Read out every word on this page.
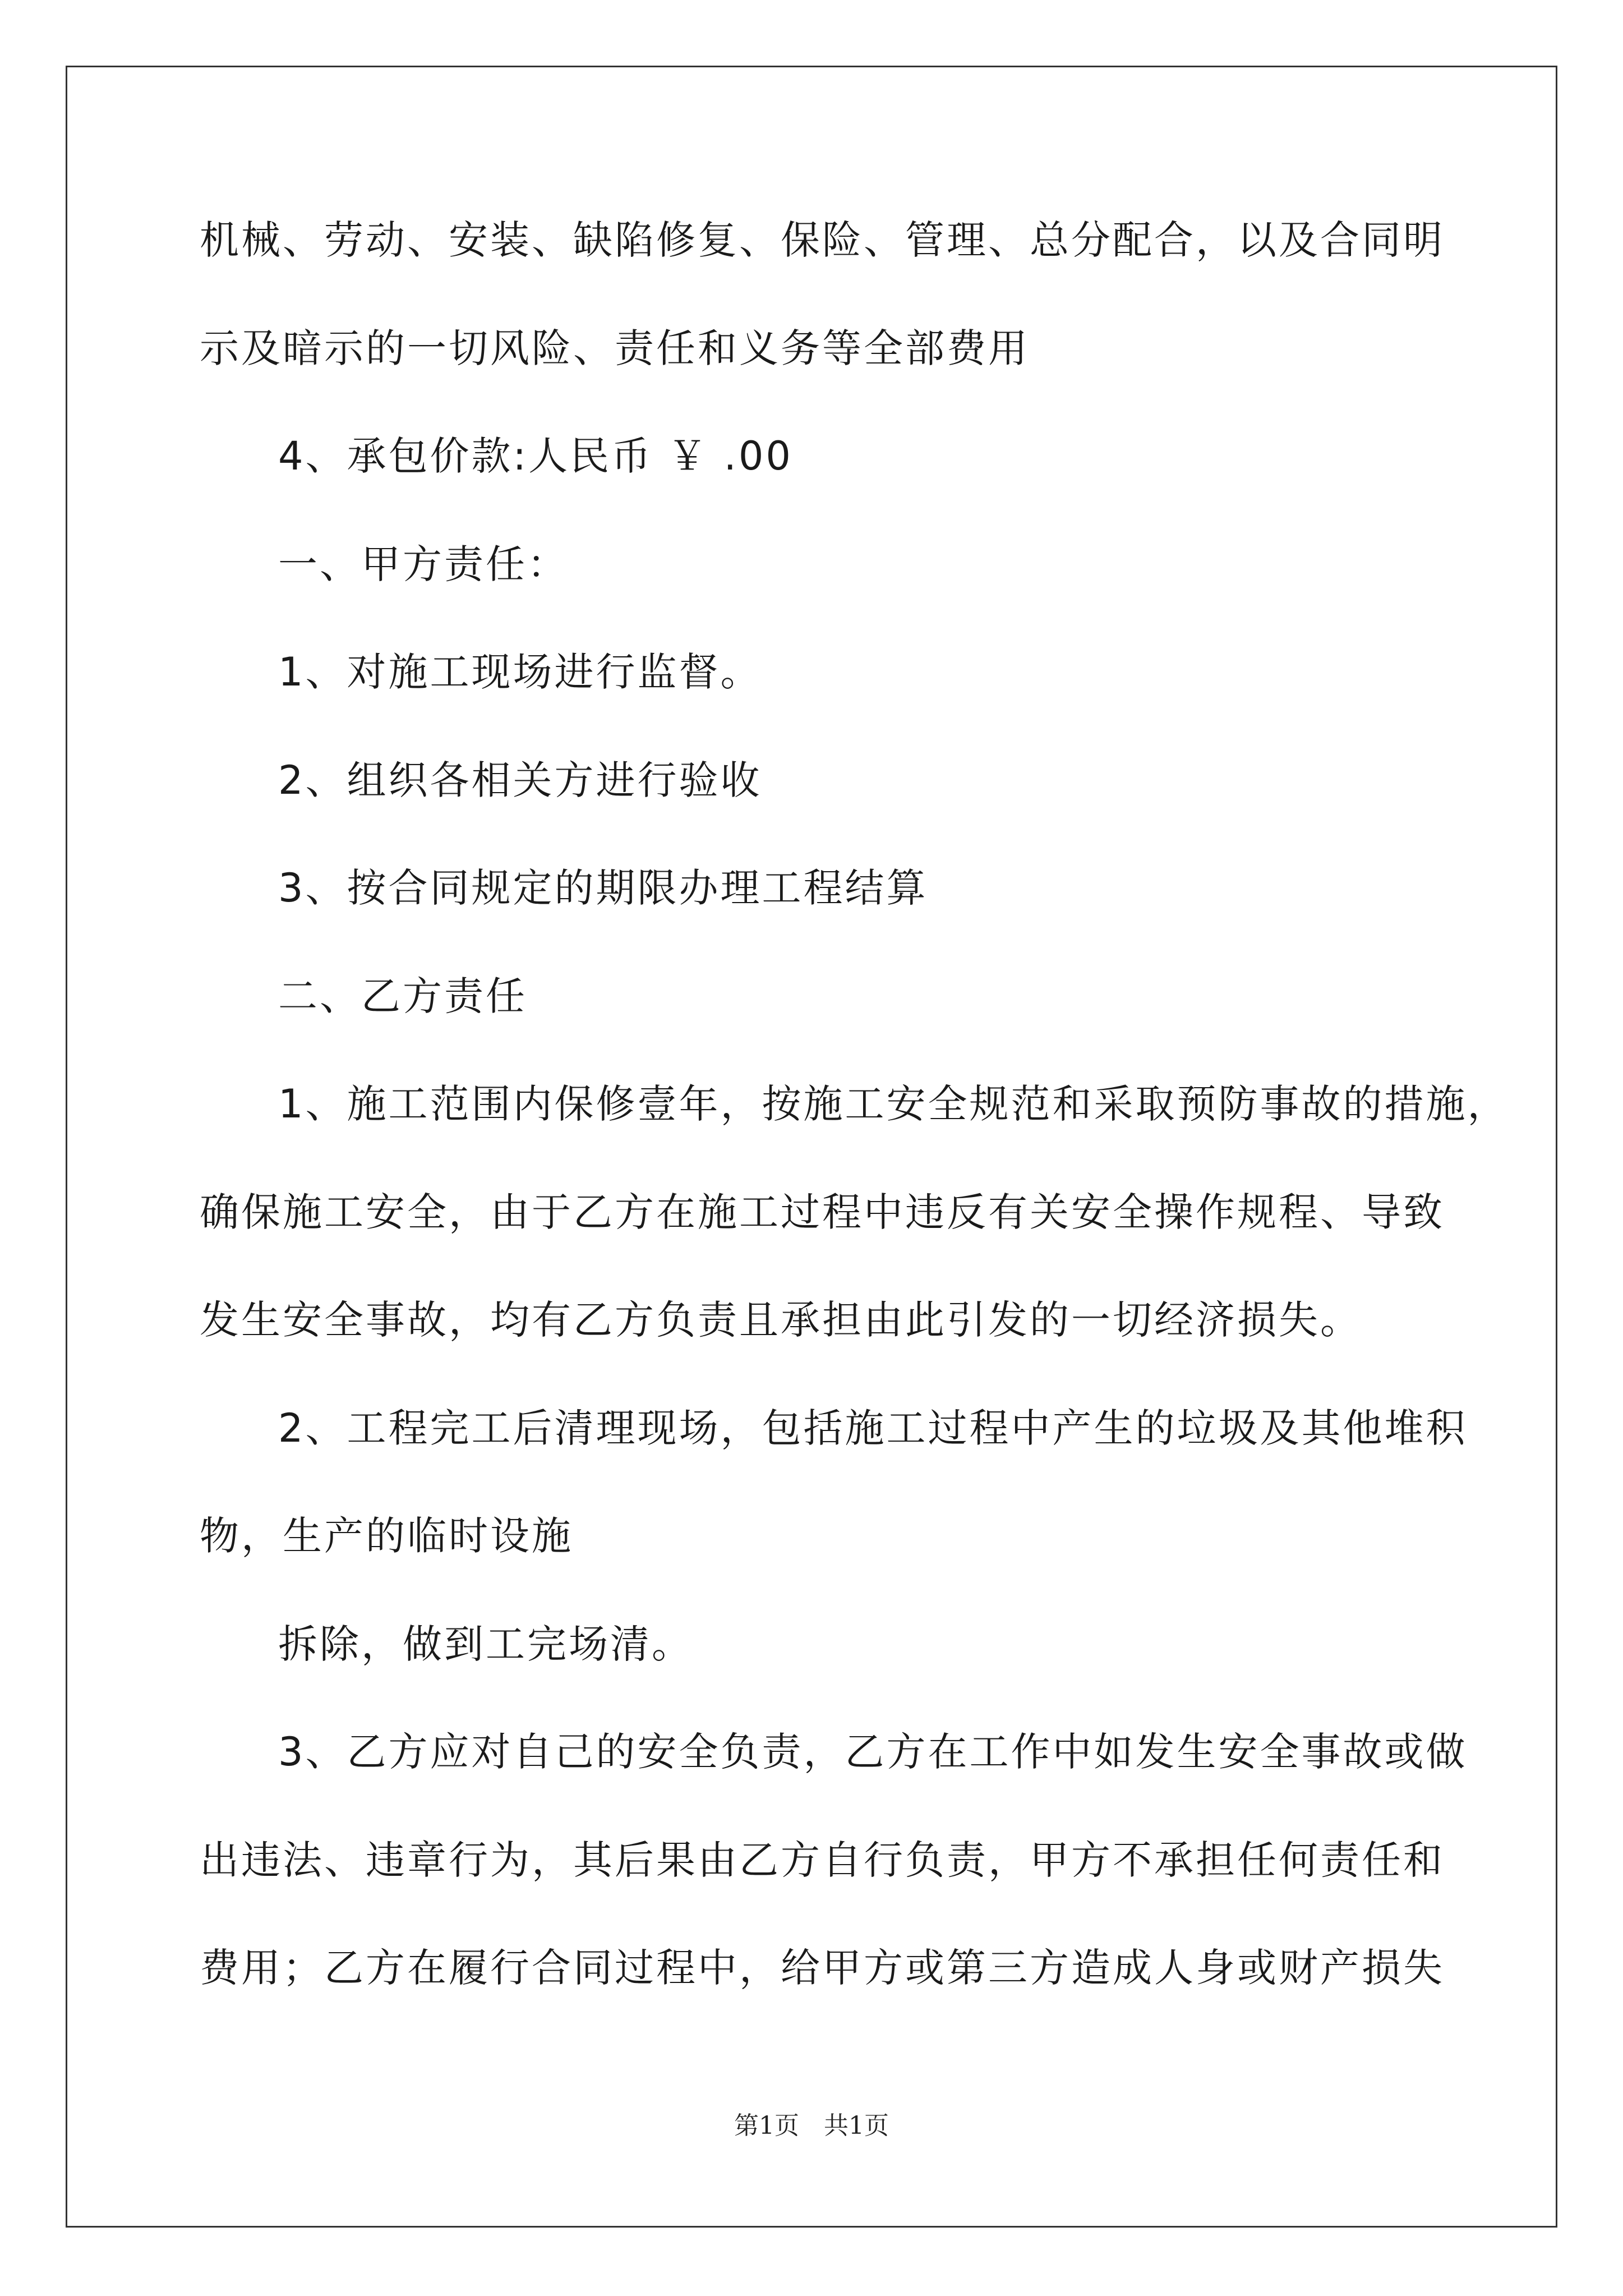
机械、劳动、安装、缺陷修复、保险、管理、总分配合，以及合同明
示及暗示的一切风险、责任和义务等全部费用
4、承包价款:人民币 ￥ .00
一、甲方责任：
1、对施工现场进行监督。
2、组织各相关方进行验收
3、按合同规定的期限办理工程结算
二、乙方责任
1、施工范围内保修壹年，按施工安全规范和采取预防事故的措施，
确保施工安全，由于乙方在施工过程中违反有关安全操作规程、导致
发生安全事故，均有乙方负责且承担由此引发的一切经济损失。
2、工程完工后清理现场，包括施工过程中产生的垃圾及其他堆积
物，生产的临时设施
拆除，做到工完场清。
3、乙方应对自己的安全负责，乙方在工作中如发生安全事故或做
出违法、违章行为，其后果由乙方自行负责，甲方不承担任何责任和
费用；乙方在履行合同过程中，给甲方或第三方造成人身或财产损失
第1页　共1页
